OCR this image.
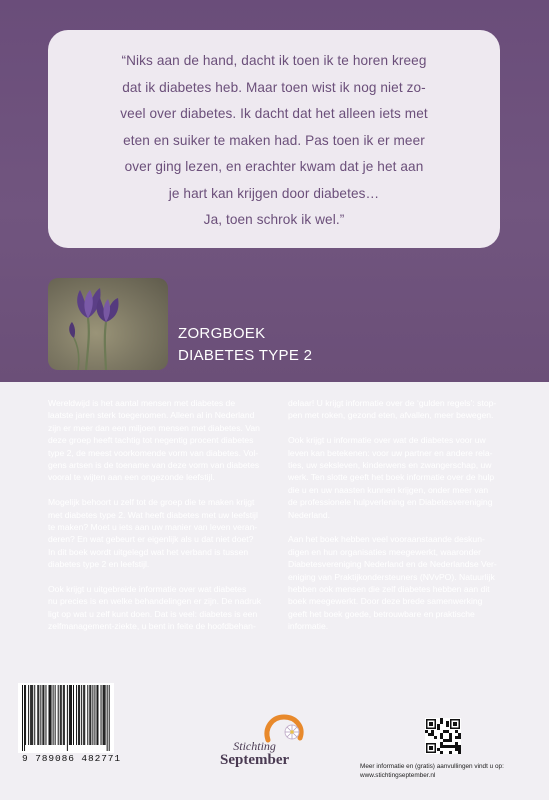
“Niks aan de hand, dacht ik toen ik te horen kreeg
dat ik diabetes heb. Maar toen wist ik nog niet zo-
veel over diabetes. Ik dacht dat het alleen iets met
eten en suiker te maken had. Pas toen ik er meer
over ging lezen, en erachter kwam dat je het aan
je hart kan krijgen door diabetes…
Ja, toen schrok ik wel.”
ZORGBOEK
DIABETES TYPE 2

Wereldwijd is het aantal mensen met diabetes de
laatste jaren sterk toegenomen. Alleen al in Nederland
zijn er meer dan een miljoen mensen met diabetes. Van
deze groep heeft tachtig tot negentig procent diabetes
type 2, de meest voorkomende vorm van diabetes. Vol-
gens artsen is de toename van deze vorm van diabetes
vooral te wijten aan een ongezonde leefstijl.

Mogelijk behoort u zelf tot de groep die te maken krijgt
met diabetes type 2. Wat heeft diabetes met uw leefstijl
te maken? Moet u iets aan uw manier van leven veran-
deren? En wat gebeurt er eigenlijk als u dat niet doet?
In dit boek wordt uitgelegd wat het verband is tussen
diabetes type 2 en leefstijl.

Ook krijgt u uitgebreide informatie over wat diabetes
nu precies is en welke behandelingen er zijn. De nadruk
ligt op wat u zelf kunt doen. Dat is veel: diabetes is een
zelfmanagement-ziekte, u bent in feite de hoofdbehan-

delaar! U krijgt informatie over de ‘gulden regels’: stop-
pen met roken, gezond eten, afvallen, meer bewegen.

Ook krijgt u informatie over wat de diabetes voor uw
leven kan betekenen: voor uw partner en andere rela-
ties, uw seksleven, kinderwens en zwangerschap, uw
werk. Ten slotte geeft het boek informatie over de hulp
die u en uw naasten kunnen krijgen, onder meer van
de professionele hulpverlening en Diabetesvereniging
Nederland.

Aan het boek hebben veel vooraanstaande deskun-
digen en hun organisaties meegewerkt, waaronder
Diabetesvereniging Nederland en de Nederlandse Ver-
eniging van Praktijkondersteuners (NVvPO). Natuurlijk
hebben ook mensen die zelf diabetes hebben aan dit
boek meegewerkt. Door deze brede samenwerking
geeft het boek goede, betrouwbare en praktische
informatie.

9 789086 482771
Stichting
September	Meer informatie en (gratis) aanvullingen vindt u op:
www.stichtingseptember.nl
